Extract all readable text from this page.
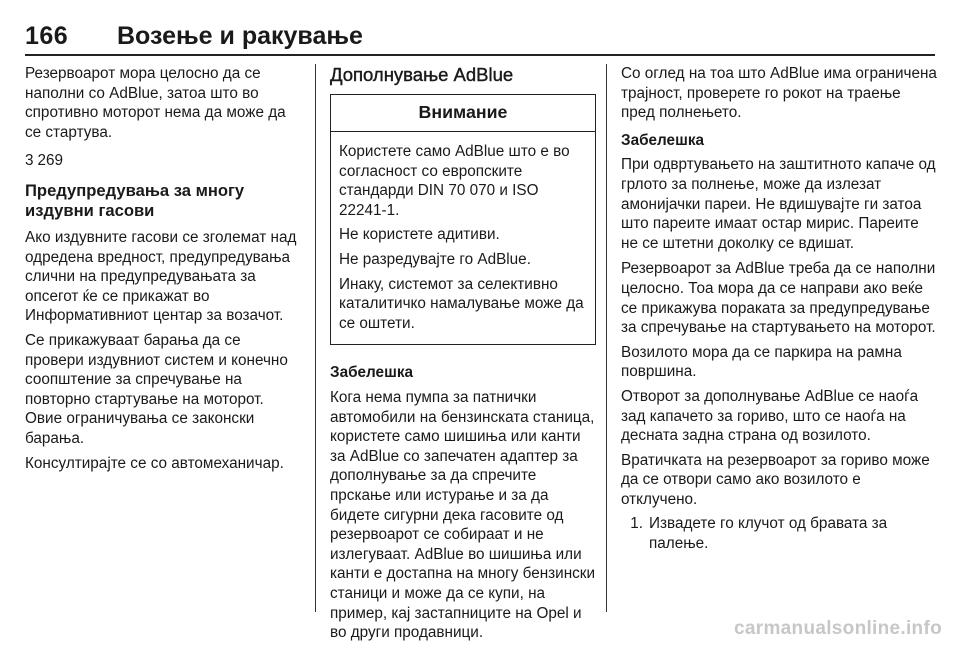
166 Возење и ракување

Резервоарот мора целосно да се наполни со AdBlue, затоа што во спротивно моторот нема да може да се стартува.

3 269

Предупредувања за многу издувни гасови

Ако издувните гасови се зголемат над одредена вредност, предупредувања слични на предупредувањата за опсегот ќе се прикажат во Информативниот центар за возачот.

Се прикажуваат барања да се провери издувниот систем и конечно соопштение за спречување на повторно стартување на моторот. Овие ограничувања се законски барања.

Консултирајте се со автомеханичар.

Дополнување AdBlue
Внимание

Користете само AdBlue што е во согласност со европските стандарди DIN 70 070 и ISO 22241-1.

Не користете адитиви.

Не разредувајте го AdBlue.

Инаку, системот за селективно каталитичко намалување може да се оштети.

Забелешка

Кога нема пумпа за патнички автомобили на бензинската станица, користете само шишиња или канти за AdBlue со запечатен адаптер за дополнување за да спречите прскање или истурање и за да бидете сигурни дека гасовите од резервоарот се собираат и не излегуваат. AdBlue во шишиња или канти е достапна на многу бензински станици и може да се купи, на пример, кај застапниците на Opel и во други продавници.

Со оглед на тоа што AdBlue има ограничена трајност, проверете го рокот на траење пред полнењето.

Забелешка

При одвртувањето на заштитното капаче од грлото за полнење, може да излезат амонијачки пареи. Не вдишувајте ги затоа што пареите имаат остар мирис. Пареите не се штетни доколку се вдишат.

Резервоарот за AdBlue треба да се наполни целосно. Тоа мора да се направи ако веќе се прикажува пораката за предупредување за спречување на стартувањето на моторот.

Возилото мора да се паркира на рамна површина.

Отворот за дополнување AdBlue се наоѓа зад капачето за гориво, што се наоѓа на десната задна страна од возилото.

Вратичката на резервоарот за гориво може да се отвори само ако возилото е отклучено.

1. Извадете го клучот од бравата за палење.
carmanualsonline.info
